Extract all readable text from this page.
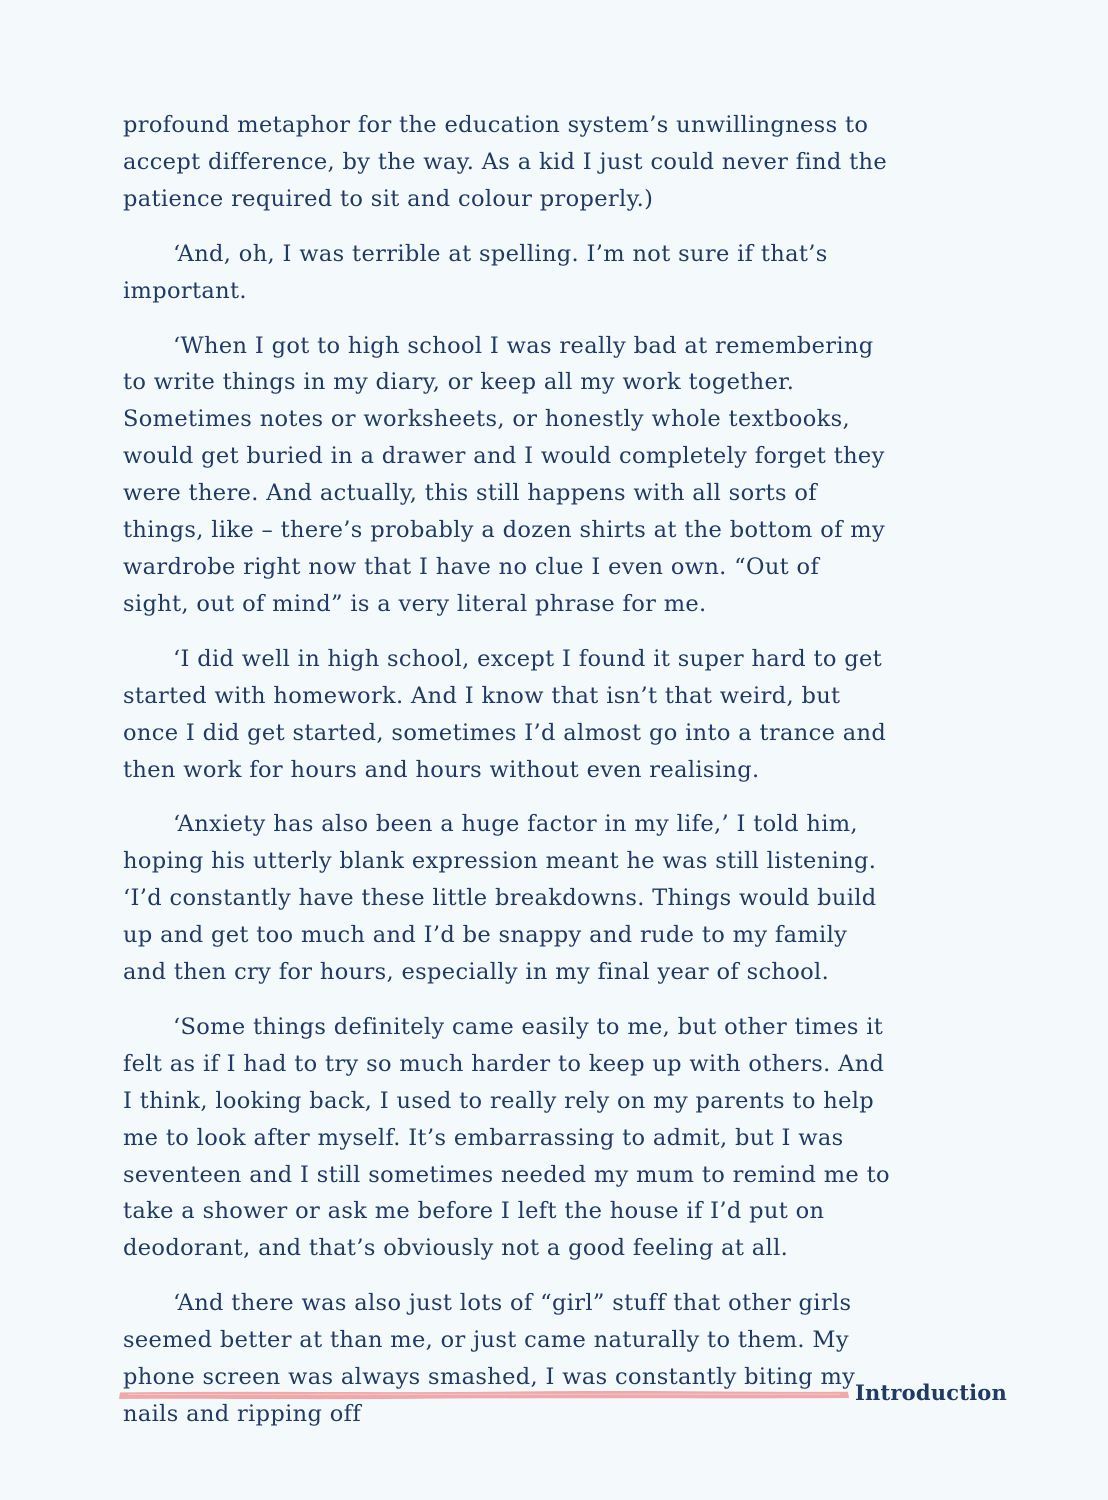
profound metaphor for the education system’s unwillingness to accept difference, by the way. As a kid I just could never find the patience required to sit and colour properly.)

‘And, oh, I was terrible at spelling. I’m not sure if that’s important.

‘When I got to high school I was really bad at remembering to write things in my diary, or keep all my work together. Sometimes notes or worksheets, or honestly whole textbooks, would get buried in a drawer and I would completely forget they were there. And actually, this still happens with all sorts of things, like – there’s probably a dozen shirts at the bottom of my wardrobe right now that I have no clue I even own. “Out of sight, out of mind” is a very literal phrase for me.

‘I did well in high school, except I found it super hard to get started with homework. And I know that isn’t that weird, but once I did get started, sometimes I’d almost go into a trance and then work for hours and hours without even realising.

‘Anxiety has also been a huge factor in my life,’ I told him, hoping his utterly blank expression meant he was still listening. ‘I’d constantly have these little breakdowns. Things would build up and get too much and I’d be snappy and rude to my family and then cry for hours, especially in my final year of school.

‘Some things definitely came easily to me, but other times it felt as if I had to try so much harder to keep up with others. And I think, looking back, I used to really rely on my parents to help me to look after myself. It’s embarrassing to admit, but I was seventeen and I still sometimes needed my mum to remind me to take a shower or ask me before I left the house if I’d put on deodorant, and that’s obviously not a good feeling at all.

‘And there was also just lots of “girl” stuff that other girls seemed better at than me, or just came naturally to them. My phone screen was always smashed, I was constantly biting my nails and ripping off

Introduction
